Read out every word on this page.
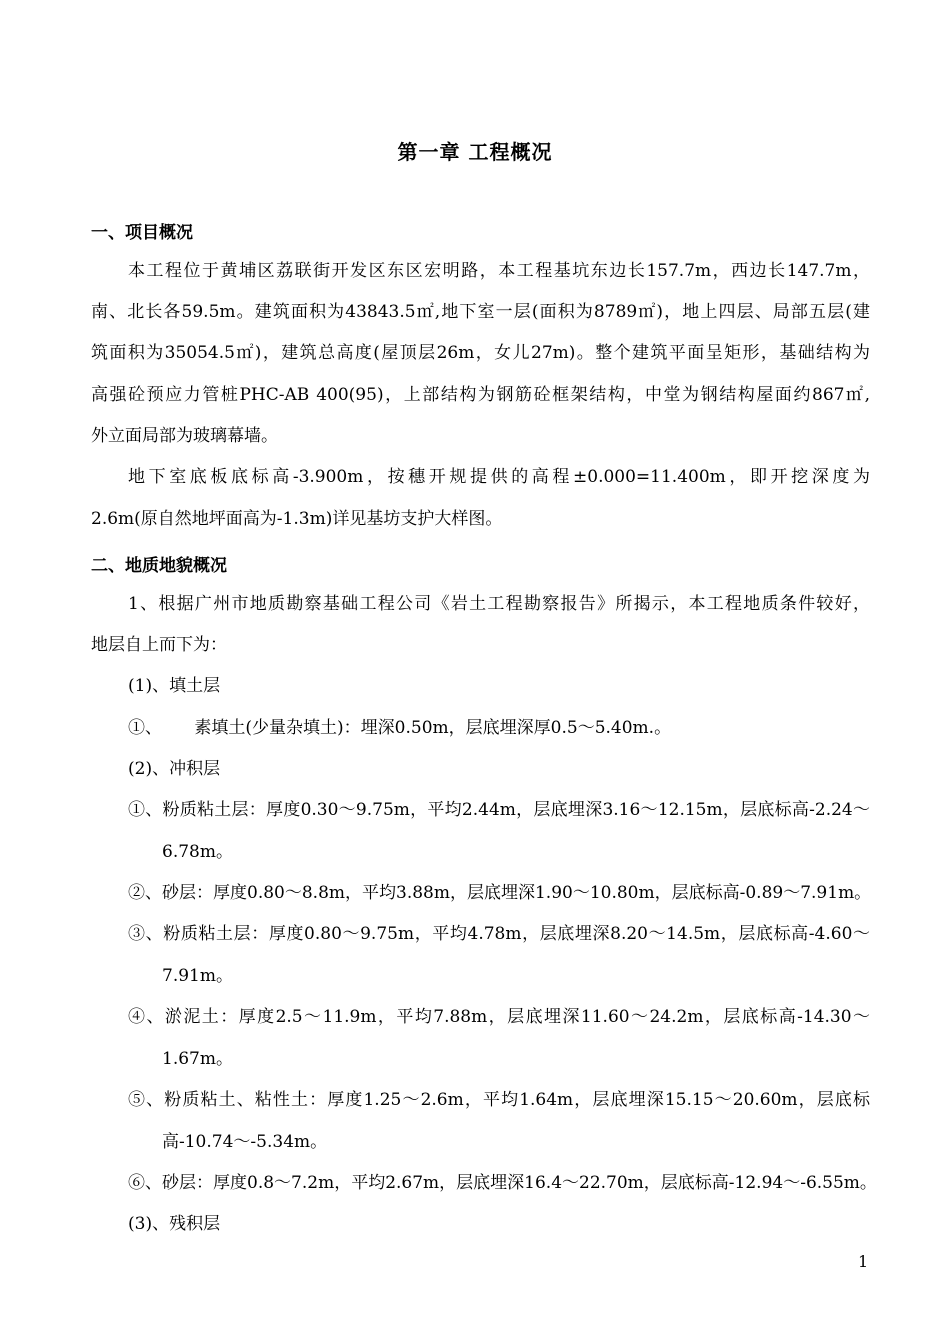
第一章 工程概况
一、项目概况
本工程位于黄埔区荔联街开发区东区宏明路，本工程基坑东边长157.7m，西边长147.7m，
南、北长各59.5m。建筑面积为43843.5㎡,地下室一层(面积为8789㎡)，地上四层、局部五层(建
筑面积为35054.5㎡)，建筑总高度(屋顶层26m，女儿27m)。整个建筑平面呈矩形，基础结构为
高强砼预应力管桩PHC-AB 400(95)，上部结构为钢筋砼框架结构，中堂为钢结构屋面约867㎡,
外立面局部为玻璃幕墙。
地下室底板底标高-3.900m，按穗开规提供的高程±0.000=11.400m，即开挖深度为
2.6m(原自然地坪面高为-1.3m)详见基坊支护大样图。
二、地质地貌概况
1、根据广州市地质勘察基础工程公司《岩土工程勘察报告》所揭示，本工程地质条件较好，
地层自上而下为：
(1)、填土层
①、      素填土(少量杂填土)：埋深0.50m，层底埋深厚0.5～5.40m.。
(2)、冲积层
①、粉质粘土层：厚度0.30～9.75m，平均2.44m，层底埋深3.16～12.15m，层底标高-2.24～
6.78m。
②、砂层：厚度0.80～8.8m，平均3.88m，层底埋深1.90～10.80m，层底标高-0.89～7.91m。
③、粉质粘土层：厚度0.80～9.75m，平均4.78m，层底埋深8.20～14.5m，层底标高-4.60～
7.91m。
④、淤泥土：厚度2.5～11.9m，平均7.88m，层底埋深11.60～24.2m，层底标高-14.30～
1.67m。
⑤、粉质粘土、粘性土：厚度1.25～2.6m，平均1.64m，层底埋深15.15～20.60m，层底标
高-10.74～-5.34m。
⑥、砂层：厚度0.8～7.2m，平均2.67m，层底埋深16.4～22.70m，层底标高-12.94～-6.55m。
(3)、残积层
1
